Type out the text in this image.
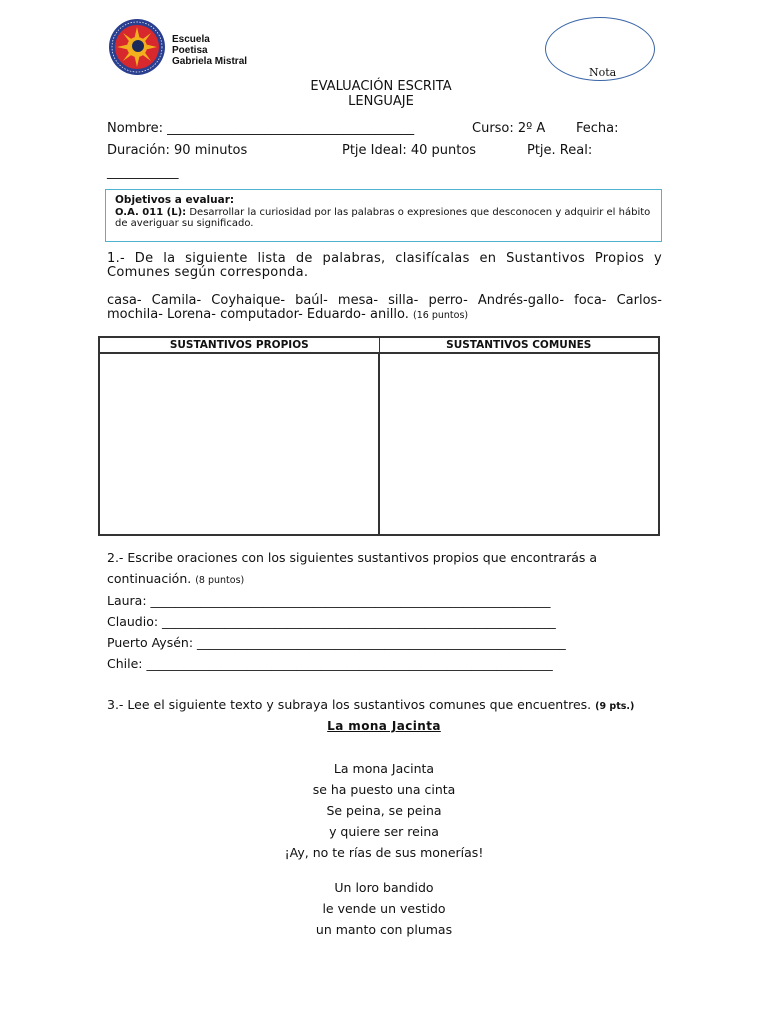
Escuela
Poetisa
Gabriela Mistral
Nota
EVALUACIÓN ESCRITA
LENGUAJE
Nombre: ______________________________________	Curso: 2º A Fecha:
Duración: 90 minutos	Ptje Ideal: 40 puntos	Ptje. Real:
___________
Objetivos a evaluar:
O.A. 011 (L): Desarrollar la curiosidad por las palabras o expresiones que desconocen y adquirir el hábito de averiguar su significado.
1.- De la siguiente lista de palabras, clasifícalas en Sustantivos Propios y Comunes según corresponda.
casa- Camila- Coyhaique- baúl- mesa- silla- perro- Andrés-gallo- foca- Carlos- mochila- Lorena- computador- Eduardo- anillo. (16 puntos)
SUSTANTIVOS PROPIOS	SUSTANTIVOS COMUNES

2.- Escribe oraciones con los siguientes sustantivos propios que encontrarás a
continuación. (8 puntos)
Laura: ________________________________________________________________
Claudio: _______________________________________________________________
Puerto Aysén: ___________________________________________________________
Chile: _________________________________________________________________
3.- Lee el siguiente texto y subraya los sustantivos comunes que encuentres. (9 pts.)
La mona Jacinta
La mona Jacinta
se ha puesto una cinta
Se peina, se peina
y quiere ser reina
¡Ay, no te rías de sus monerías!
Un loro bandido
le vende un vestido
un manto con plumas
